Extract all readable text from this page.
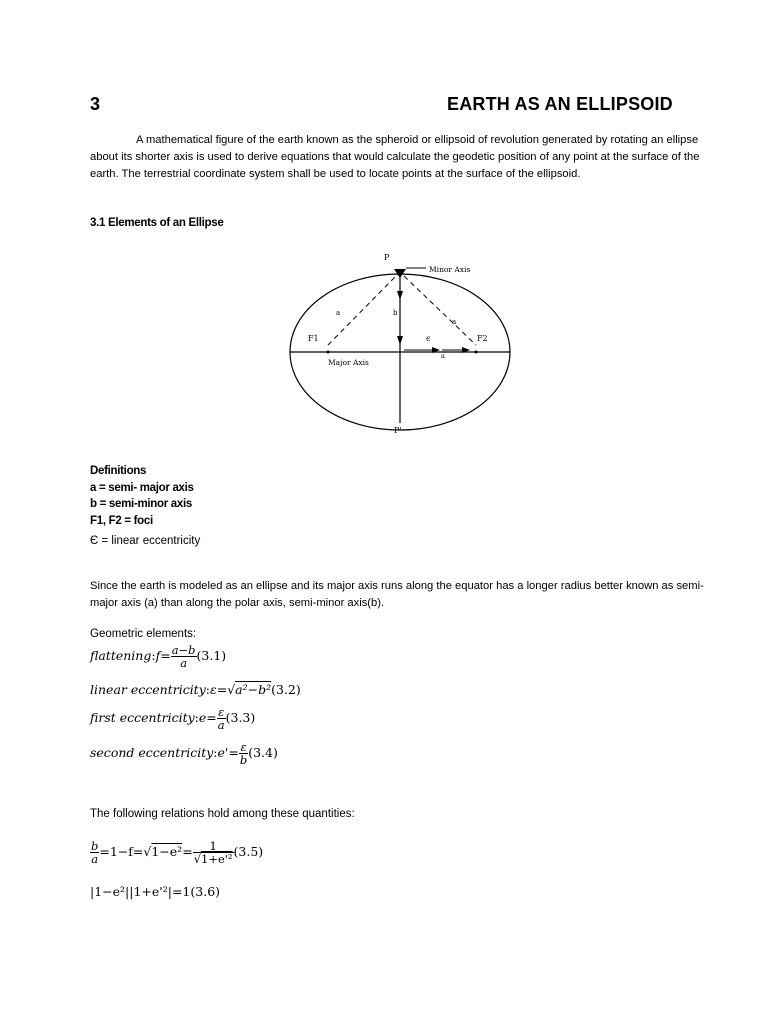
3	EARTH AS AN ELLIPSOID
A mathematical figure of the earth known as the spheroid or ellipsoid of revolution generated by rotating an ellipse about its shorter axis is used to derive equations that would calculate the geodetic position of any point at the surface of the earth. The terrestrial coordinate system shall be used to locate points at the surface of the ellipsoid.
3.1 Elements of an Ellipse
P
Minor Axis
a	b
a
F1	є	F2
a
Major Axis
P'
Definitions
a = semi- major axis
b = semi-minor axis
F1, F2 = foci
Є = linear eccentricity
Since the earth is modeled as an ellipse and its major axis runs along the equator has a longer radius better known as semi-major axis (a) than along the polar axis, semi-minor axis(b).
Geometric elements:
flattening:f= $\frac{a-b}{a} (3.1)$
linear eccentricity:ε=√a²−b²(3.2)
first eccentricity:e= $\frac{\varepsilon}{a} (3.3)$
second eccentricity:e'= $\frac{\varepsilon}{b} (3.4)$
The following relations hold among these quantities:
$\frac{b}{a} =1-f=√1-e^2= \frac{1}{\text{√1+e'²}} (3.5)$
|1−e²||1+e'²|=1(3.6)
